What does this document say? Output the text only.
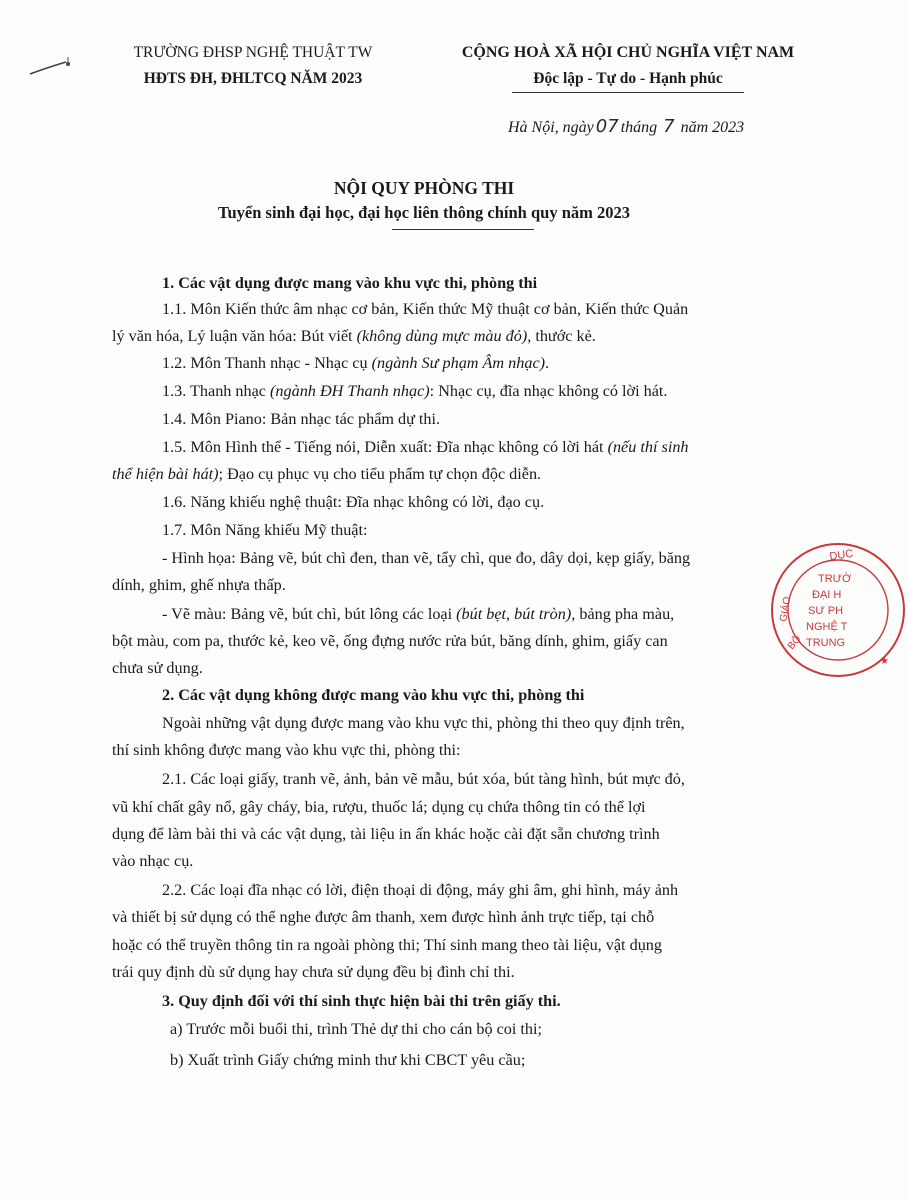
TRƯỜNG ĐHSP NGHỆ THUẬT TW
HĐTS ĐH, ĐHLTCQ NĂM 2023
CỘNG HOÀ XÃ HỘI CHỦ NGHĨA VIỆT NAM
Độc lập - Tự do - Hạnh phúc
Hà Nội, ngày 07 tháng 7 năm 2023
NỘI QUY PHÒNG THI
Tuyển sinh đại học, đại học liên thông chính quy năm 2023
1. Các vật dụng được mang vào khu vực thi, phòng thi
1.1. Môn Kiến thức âm nhạc cơ bản, Kiến thức Mỹ thuật cơ bản, Kiến thức Quản
lý văn hóa, Lý luận văn hóa: Bút viết (không dùng mực màu đỏ), thước kẻ.
1.2. Môn Thanh nhạc - Nhạc cụ (ngành Sư phạm Âm nhạc).
1.3. Thanh nhạc (ngành ĐH Thanh nhạc): Nhạc cụ, đĩa nhạc không có lời hát.
1.4. Môn Piano: Bản nhạc tác phẩm dự thi.
1.5. Môn Hình thể - Tiếng nói, Diễn xuất: Đĩa nhạc không có lời hát (nếu thí sinh
thể hiện bài hát); Đạo cụ phục vụ cho tiểu phẩm tự chọn độc diễn.
1.6. Năng khiếu nghệ thuật: Đĩa nhạc không có lời, đạo cụ.
1.7. Môn Năng khiếu Mỹ thuật:
- Hình họa: Bảng vẽ, bút chì đen, than vẽ, tẩy chì, que đo, dây dọi, kẹp giấy, băng
dính, ghim, ghế nhựa thấp.
- Vẽ màu: Bảng vẽ, bút chì, bút lông các loại (bút bẹt, bút tròn), bảng pha màu,
bột màu, com pa, thước kẻ, keo vẽ, ống đựng nước rửa bút, băng dính, ghim, giấy can
chưa sử dụng.
2. Các vật dụng không được mang vào khu vực thi, phòng thi
Ngoài những vật dụng được mang vào khu vực thi, phòng thi theo quy định trên,
thí sinh không được mang vào khu vực thi, phòng thi:
2.1. Các loại giấy, tranh vẽ, ảnh, bản vẽ mẫu, bút xóa, bút tàng hình, bút mực đỏ,
vũ khí chất gây nổ, gây cháy, bia, rượu, thuốc lá; dụng cụ chứa thông tin có thể lợi
dụng để làm bài thi và các vật dụng, tài liệu in ấn khác hoặc cài đặt sẵn chương trình
vào nhạc cụ.
2.2. Các loại đĩa nhạc có lời, điện thoại di động, máy ghi âm, ghi hình, máy ảnh
và thiết bị sử dụng có thể nghe được âm thanh, xem được hình ảnh trực tiếp, tại chỗ
hoặc có thể truyền thông tin ra ngoài phòng thi; Thí sinh mang theo tài liệu, vật dụng
trái quy định dù sử dụng hay chưa sử dụng đều bị đình chỉ thi.
3. Quy định đối với thí sinh thực hiện bài thi trên giấy thi.
a) Trước mỗi buổi thi, trình Thẻ dự thi cho cán bộ coi thi;
b) Xuất trình Giấy chứng minh thư khi CBCT yêu cầu;
DỤC
GIÁO
BỘ
TRƯỜ
ĐẠI H
SƯ PH
NGHỆ T
TRUNG
★
